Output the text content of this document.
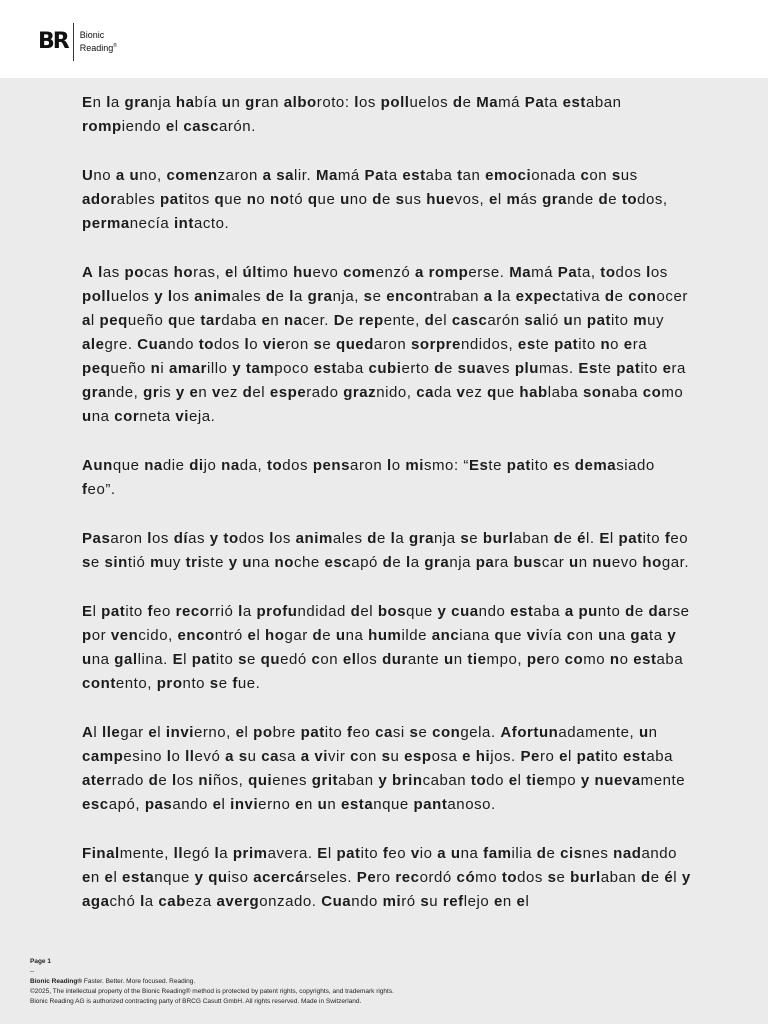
BR Bionic
Reading®

En la granja había un gran alboroto: los polluelos de Mamá Pata estaban rompiendo el cascarón.

Uno a uno, comenzaron a salir. Mamá Pata estaba tan emocionada con sus adorables patitos que no notó que uno de sus huevos, el más grande de todos, permanecía intacto.

A las pocas horas, el último huevo comenzó a romperse. Mamá Pata, todos los polluelos y los animales de la granja, se encontraban a la expectativa de conocer al pequeño que tardaba en nacer. De repente, del cascarón salió un patito muy alegre. Cuando todos lo vieron se quedaron sorprendidos, este patito no era pequeño ni amarillo y tampoco estaba cubierto de suaves plumas. Este patito era grande, gris y en vez del esperado graznido, cada vez que hablaba sonaba como una corneta vieja.

Aunque nadie dijo nada, todos pensaron lo mismo: “Este patito es demasiado feo”.

Pasaron los días y todos los animales de la granja se burlaban de él. El patito feo se sintió muy triste y una noche escapó de la granja para buscar un nuevo hogar.

El patito feo recorrió la profundidad del bosque y cuando estaba a punto de darse por vencido, encontró el hogar de una humilde anciana que vivía con una gata y una gallina. El patito se quedó con ellos durante un tiempo, pero como no estaba contento, pronto se fue.

Al llegar el invierno, el pobre patito feo casi se congela. Afortunadamente, un campesino lo llevó a su casa a vivir con su esposa e hijos. Pero el patito estaba aterrado de los niños, quienes gritaban y brincaban todo el tiempo y nuevamente escapó, pasando el invierno en un estanque pantanoso.

Finalmente, llegó la primavera. El patito feo vio a una familia de cisnes nadando en el estanque y quiso acercárseles. Pero recordó cómo todos se burlaban de él y agachó la cabeza avergonzado. Cuando miró su reflejo en el

Page 1
--
Bionic Reading® Faster. Better. More focused. Reading.
©2025, The intellectual property of the Bionic Reading® method is protected by patent rights, copyrights, and trademark rights.
Bionic Reading AG is authorized contracting party of BRCG Casutt GmbH. All rights reserved. Made in Switzerland.
